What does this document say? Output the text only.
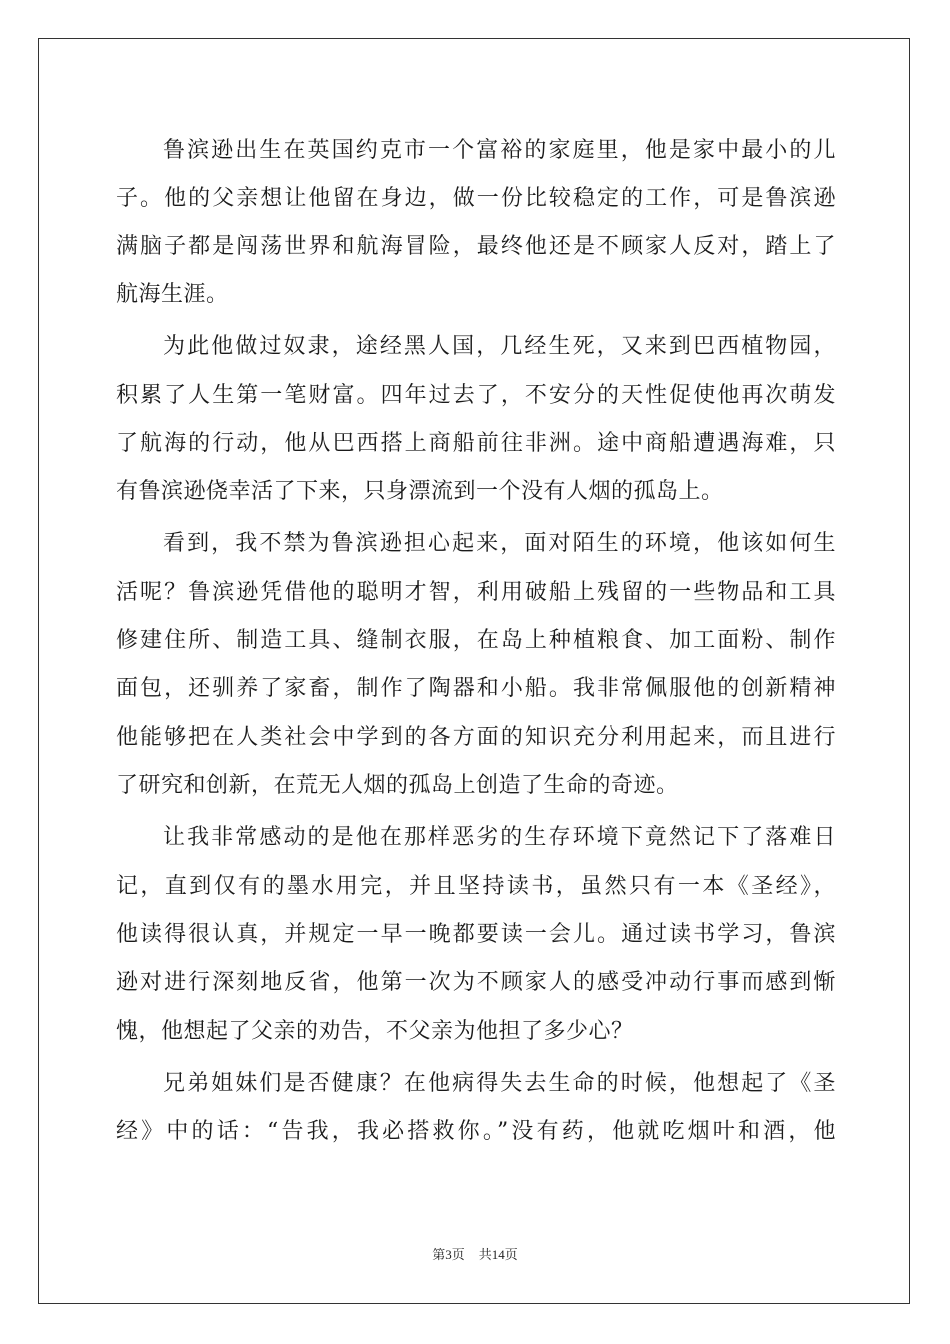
鲁滨逊出生在英国约克市一个富裕的家庭里，他是家中最小的儿
子。他的父亲想让他留在身边，做一份比较稳定的工作，可是鲁滨逊
满脑子都是闯荡世界和航海冒险，最终他还是不顾家人反对，踏上了
航海生涯。
为此他做过奴隶，途经黑人国，几经生死，又来到巴西植物园，
积累了人生第一笔财富。四年过去了，不安分的天性促使他再次萌发
了航海的行动，他从巴西搭上商船前往非洲。途中商船遭遇海难，只
有鲁滨逊侥幸活了下来，只身漂流到一个没有人烟的孤岛上。
看到，我不禁为鲁滨逊担心起来，面对陌生的环境，他该如何生
活呢？鲁滨逊凭借他的聪明才智，利用破船上残留的一些物品和工具
修建住所、制造工具、缝制衣服，在岛上种植粮食、加工面粉、制作
面包，还驯养了家畜，制作了陶器和小船。我非常佩服他的创新精神
他能够把在人类社会中学到的各方面的知识充分利用起来，而且进行
了研究和创新，在荒无人烟的孤岛上创造了生命的奇迹。
让我非常感动的是他在那样恶劣的生存环境下竟然记下了落难日
记，直到仅有的墨水用完，并且坚持读书，虽然只有一本《圣经》，
他读得很认真，并规定一早一晚都要读一会儿。通过读书学习，鲁滨
逊对进行深刻地反省，他第一次为不顾家人的感受冲动行事而感到惭
愧，他想起了父亲的劝告，不父亲为他担了多少心？
兄弟姐妹们是否健康？在他病得失去生命的时候，他想起了《圣
经》中的话：“告我，我必搭救你。”没有药，他就吃烟叶和酒，他
第3页 共14页
